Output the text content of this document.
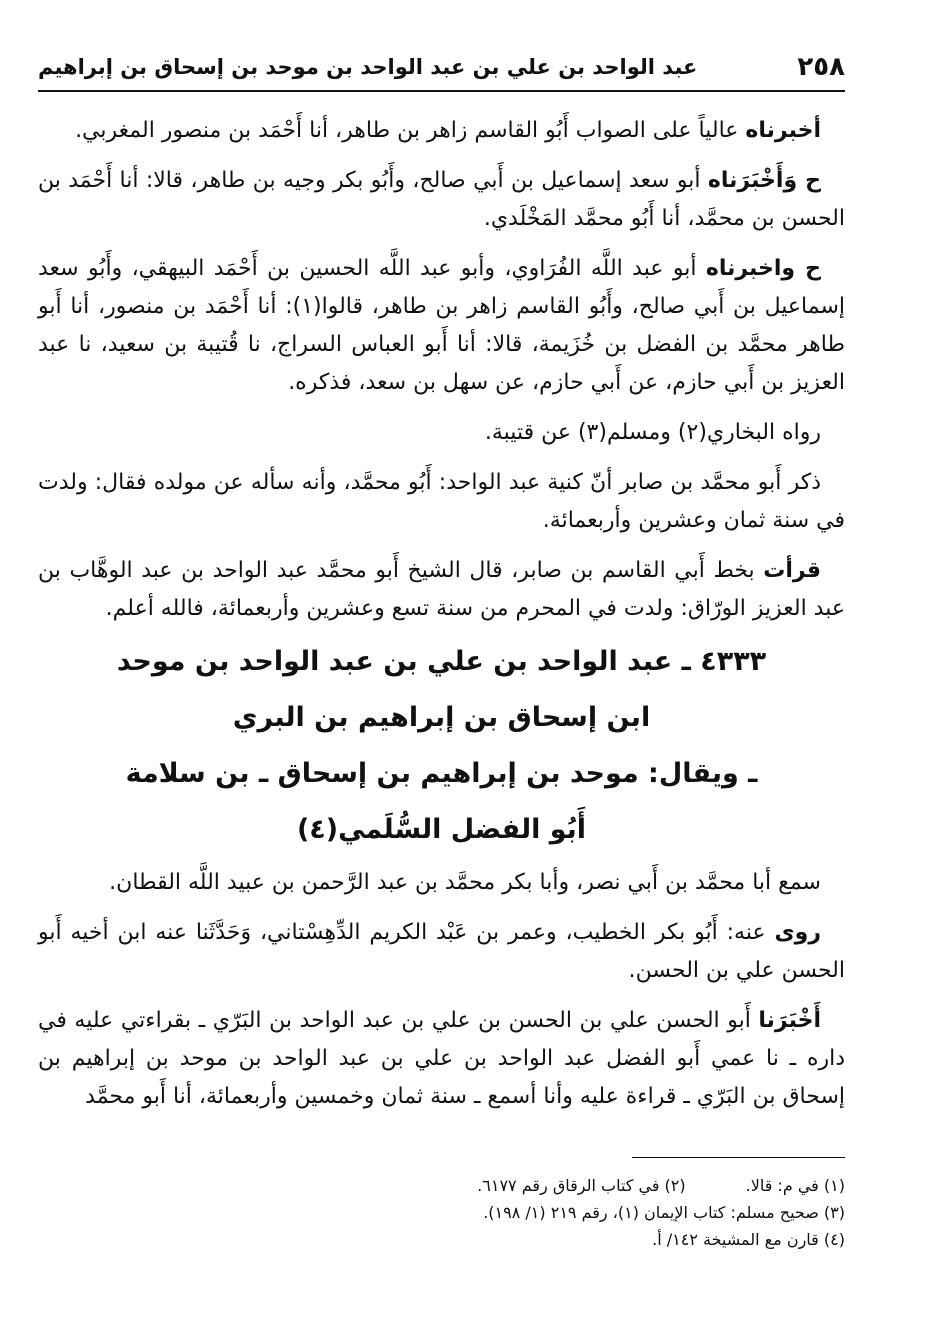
٢٥٨
عبد الواحد بن علي بن عبد الواحد بن موحد بن إسحاق بن إبراهيم

أخبرناه عالياً على الصواب أَبُو القاسم زاهر بن طاهر، أنا أَحْمَد بن منصور المغربي.

ح وَأَخْبَرَناه أبو سعد إسماعيل بن أَبي صالح، وأَبُو بكر وجيه بن طاهر، قالا: أنا أَحْمَد بن الحسن بن محمَّد، أنا أَبُو محمَّد المَخْلَدي.

ح واخبرناه أبو عبد اللَّه الفُرَاوي، وأبو عبد اللَّه الحسين بن أَحْمَد البيهقي، وأَبُو سعد إسماعيل بن أَبي صالح، وأَبُو القاسم زاهر بن طاهر، قالوا(١): أنا أَحْمَد بن منصور، أنا أَبو طاهر محمَّد بن الفضل بن خُزَيمة، قالا: أنا أَبو العباس السراج، نا قُتيبة بن سعيد، نا عبد العزيز بن أَبي حازم، عن أَبي حازم، عن سهل بن سعد، فذكره.

رواه البخاري(٢) ومسلم(٣) عن قتيبة.

ذكر أَبو محمَّد بن صابر أنّ كنية عبد الواحد: أَبُو محمَّد، وأنه سأله عن مولده فقال: ولدت في سنة ثمان وعشرين وأربعمائة.

قرأت بخط أَبي القاسم بن صابر، قال الشيخ أَبو محمَّد عبد الواحد بن عبد الوهَّاب بن عبد العزيز الورّاق: ولدت في المحرم من سنة تسع وعشرين وأربعمائة، فالله أعلم.

٤٣٣٣ ـ عبد الواحد بن علي بن عبد الواحد بن موحد

ابن إسحاق بن إبراهيم بن البري

ـ ويقال: موحد بن إبراهيم بن إسحاق ـ بن سلامة

أَبُو الفضل السُّلَمي(٤)

سمع أبا محمَّد بن أَبي نصر، وأبا بكر محمَّد بن عبد الرَّحمن بن عبيد اللَّه القطان.

روى عنه: أَبُو بكر الخطيب، وعمر بن عَبْد الكريم الدِّهِسْتاني، وَحَدَّثَنا عنه ابن أخيه أَبو الحسن علي بن الحسن.

أَخْبَرَنا أَبو الحسن علي بن الحسن بن علي بن عبد الواحد بن البَرّي ـ بقراءتي عليه في داره ـ نا عمي أَبو الفضل عبد الواحد بن علي بن عبد الواحد بن موحد بن إبراهيم بن إسحاق بن البَرّي ـ قراءة عليه وأنا أسمع ـ سنة ثمان وخمسين وأربعمائة، أنا أَبو محمَّد

(١) في م: قالا.
(٢) في كتاب الرقاق رقم ٦١٧٧.
(٣) صحيح مسلم: كتاب الإيمان (١)، رقم ٢١٩ (١/ ١٩٨).
(٤) قارن مع المشيخة ١٤٢/ أ.
